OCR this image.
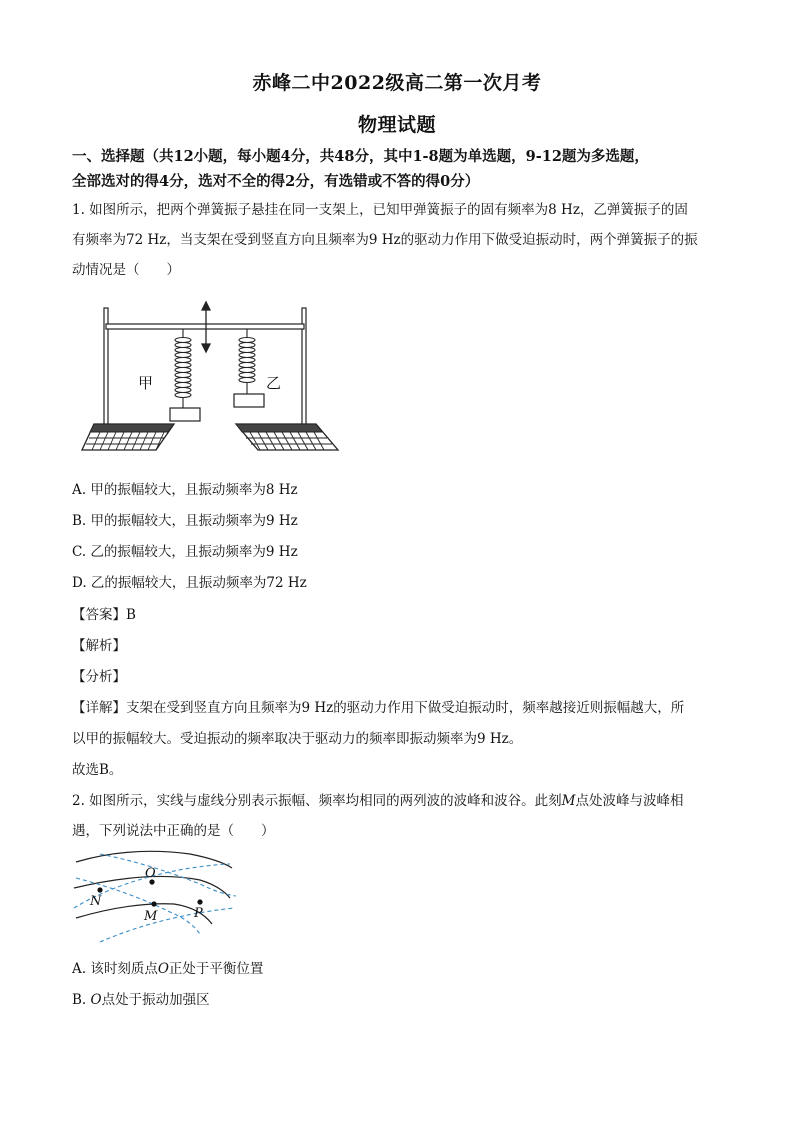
赤峰二中2022级高二第一次月考
物理试题
一、选择题（共12小题，每小题4分，共48分，其中1-8题为单选题，9-12题为多选题，
全部选对的得4分，选对不全的得2分，有选错或不答的得0分）
1. 如图所示，把两个弹簧振子悬挂在同一支架上，已知甲弹簧振子的固有频率为8 Hz，乙弹簧振子的固
有频率为72 Hz，当支架在受到竖直方向且频率为9 Hz的驱动力作用下做受迫振动时，两个弹簧振子的振
动情况是（　　）
甲	乙
A. 甲的振幅较大，且振动频率为8 Hz
B. 甲的振幅较大，且振动频率为9 Hz
C. 乙的振幅较大，且振动频率为9 Hz
D. 乙的振幅较大，且振动频率为72 Hz
【答案】B
【解析】
【分析】
【详解】支架在受到竖直方向且频率为9 Hz的驱动力作用下做受迫振动时，频率越接近则振幅越大，所
以甲的振幅较大。受迫振动的频率取决于驱动力的频率即振动频率为9 Hz。
故选B。
2. 如图所示，实线与虚线分别表示振幅、频率均相同的两列波的波峰和波谷。此刻M点处波峰与波峰相
遇，下列说法中正确的是（　　）
O
N
M	P
A. 该时刻质点O正处于平衡位置
B. O点处于振动加强区
